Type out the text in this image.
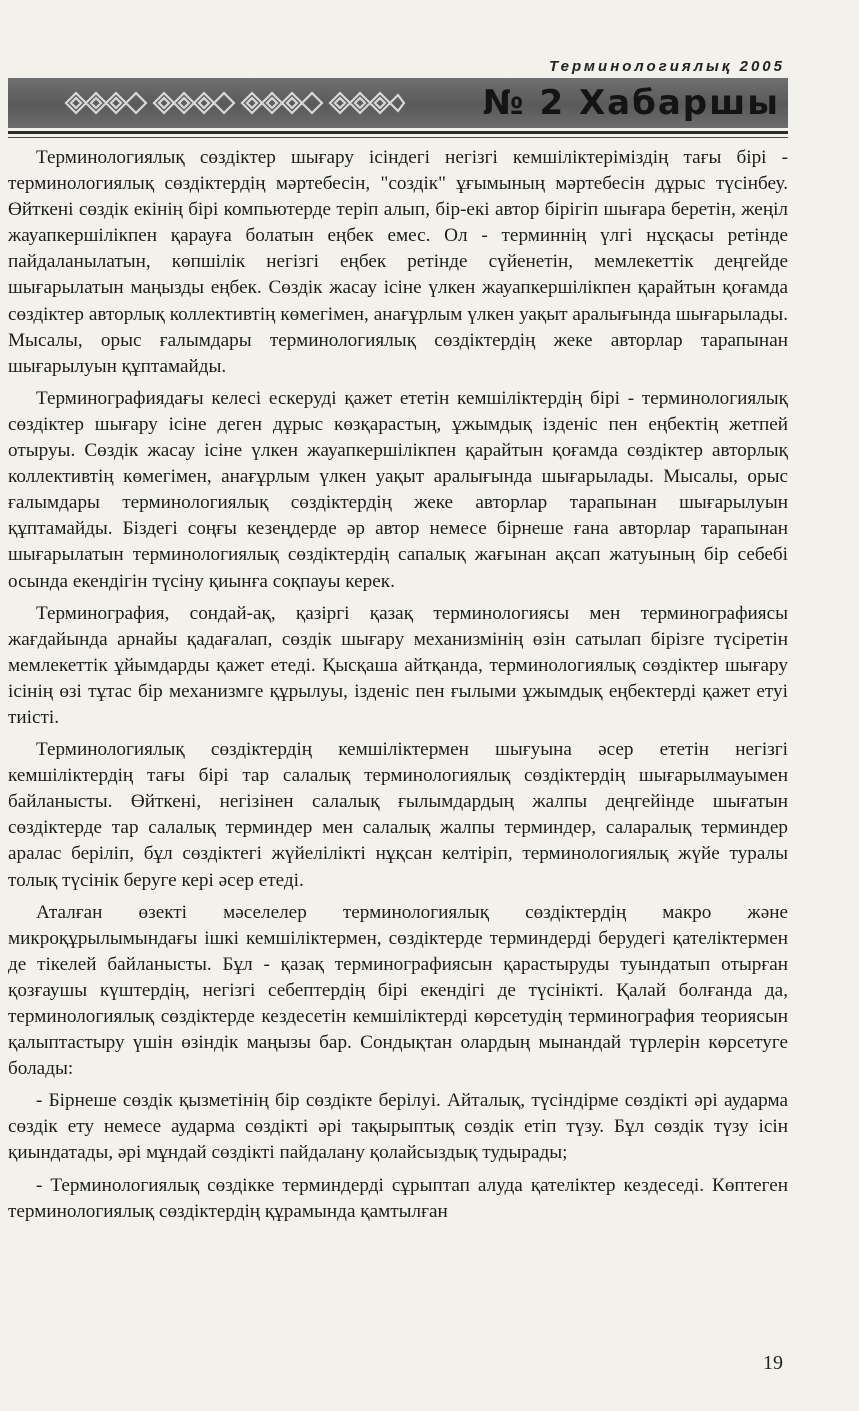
Терминологиялық 2005
№ 2 Хабаршы

Терминологиялық сөздіктер шығару ісіндегі негізгі кемшіліктеріміздің тағы бірі - терминологиялық сөздіктердің мәртебесін, "создік" ұғымының мәртебесін дұрыс түсінбеу. Өйткені сөздік екінің бірі компьютерде теріп алып, бір-екі автор бірігіп шығара беретін, жеңіл жауапкершілікпен қарауға болатын еңбек емес. Ол - терминнің үлгі нұсқасы ретінде пайдаланылатын, көпшілік негізгі еңбек ретінде сүйенетін, мемлекеттік деңгейде шығарылатын маңызды еңбек. Сөздік жасау ісіне үлкен жауапкершілікпен қарайтын қоғамда сөздіктер авторлық коллективтің көмегімен, анағұрлым үлкен уақыт аралығында шығарылады. Мысалы, орыс ғалымдары терминологиялық сөздіктердің жеке авторлар тарапынан шығарылуын құптамайды.

Терминографиядағы келесі ескеруді қажет ететін кемшіліктердің бірі - терминологиялық сөздіктер шығару ісіне деген дұрыс көзқарастың, ұжымдық ізденіс пен еңбектің жетпей отыруы. Сөздік жасау ісіне үлкен жауапкершілікпен қарайтын қоғамда сөздіктер авторлық коллективтің көмегімен, анағұрлым үлкен уақыт аралығында шығарылады. Мысалы, орыс ғалымдары терминологиялық сөздіктердің жеке авторлар тарапынан шығарылуын құптамайды. Біздегі соңғы кезеңдерде әр автор немесе бірнеше ғана авторлар тарапынан шығарылатын терминологиялық сөздіктердің сапалық жағынан ақсап жатуының бір себебі осында екендігін түсіну қиынға соқпауы керек.

Терминография, сондай-ақ, қазіргі қазақ терминологиясы мен терминографиясы жағдайында арнайы қадағалап, сөздік шығару механизмінің өзін сатылап бірізге түсіретін мемлекеттік ұйымдарды қажет етеді. Қысқаша айтқанда, терминологиялық сөздіктер шығару ісінің өзі тұтас бір механизмге құрылуы, ізденіс пен ғылыми ұжымдық еңбектерді қажет етуі тиісті.

Терминологиялық сөздіктердің кемшіліктермен шығуына әсер ететін негізгі кемшіліктердің тағы бірі тар салалық терминологиялық сөздіктердің шығарылмауымен байланысты. Өйткені, негізінен салалық ғылымдардың жалпы деңгейінде шығатын сөздіктерде тар салалық терминдер мен салалық жалпы терминдер, саларалық терминдер аралас беріліп, бұл сөздіктегі жүйелілікті нұқсан келтіріп, терминологиялық жүйе туралы толық түсінік беруге кері әсер етеді.

Аталған өзекті мәселелер терминологиялық сөздіктердің макро және микроқұрылымындағы ішкі кемшіліктермен, сөздіктерде терминдерді берудегі қателіктермен де тікелей байланысты. Бұл - қазақ терминографиясын қарастыруды туындатып отырған қозғаушы күштердің, негізгі себептердің бірі екендігі де түсінікті. Қалай болғанда да, терминологиялық сөздіктерде кездесетін кемшіліктерді көрсетудің терминография теориясын қалыптастыру үшін өзіндік маңызы бар. Сондықтан олардың мынандай түрлерін көрсетуге болады:

- Бірнеше сөздік қызметінің бір сөздікте берілуі. Айталық, түсіндірме сөздікті әрі аударма сөздік ету немесе аударма сөздікті әрі тақырыптық сөздік етіп түзу. Бұл сөздік түзу ісін қиындатады, әрі мұндай сөздікті пайдалану қолайсыздық тудырады;

- Терминологиялық сөздікке терминдерді сұрыптап алуда қателіктер кездеседі. Көптеген терминологиялық сөздіктердің құрамында қамтылған

19
